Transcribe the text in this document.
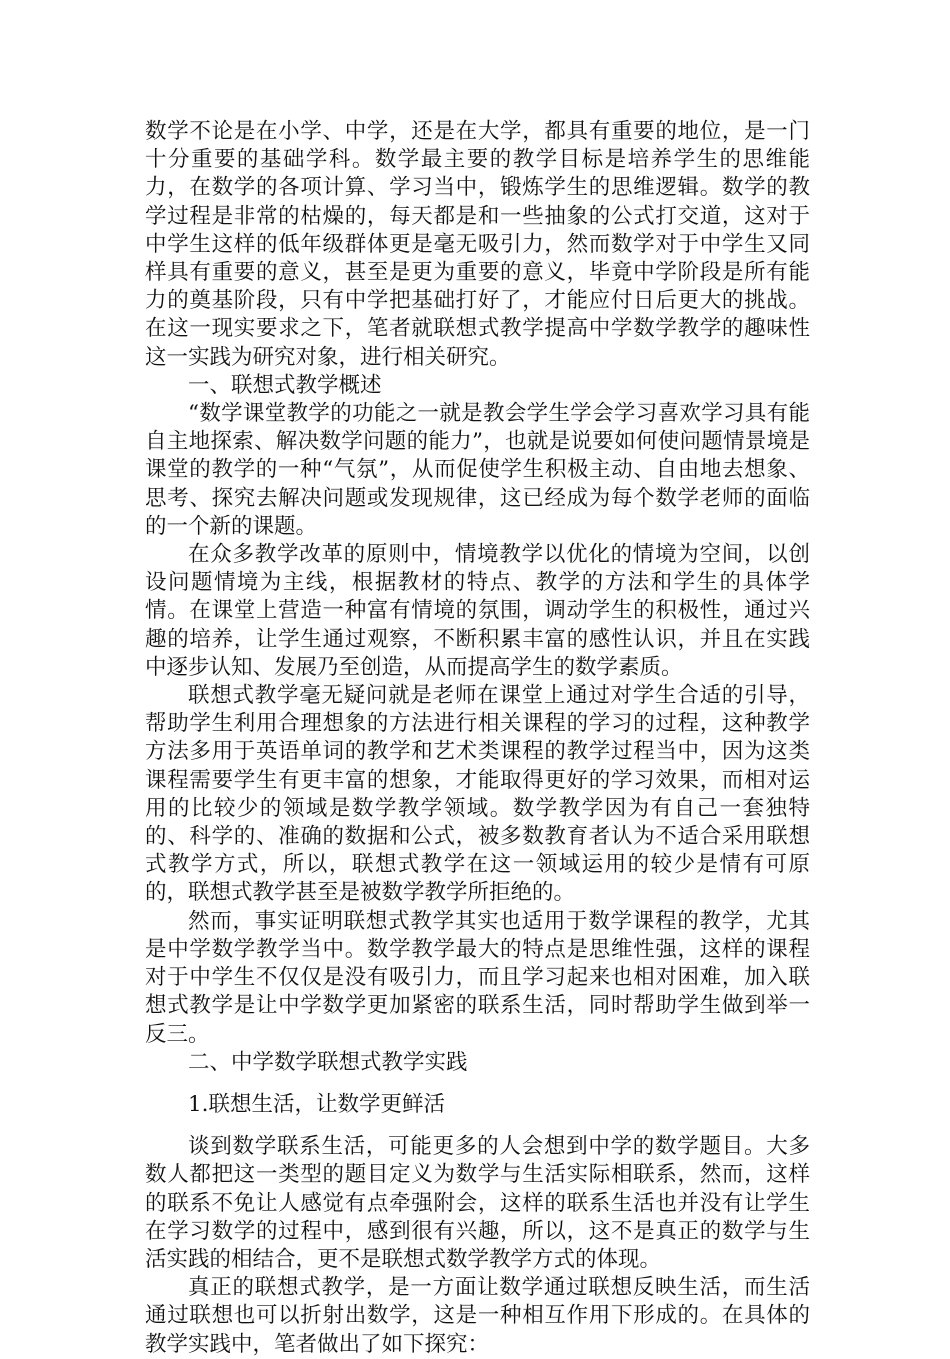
数学不论是在小学、中学，还是在大学，都具有重要的地位，是一门十分重要的基础学科。数学最主要的教学目标是培养学生的思维能力，在数学的各项计算、学习当中，锻炼学生的思维逻辑。数学的教学过程是非常的枯燥的，每天都是和一些抽象的公式打交道，这对于中学生这样的低年级群体更是毫无吸引力，然而数学对于中学生又同样具有重要的意义，甚至是更为重要的意义，毕竟中学阶段是所有能力的奠基阶段，只有中学把基础打好了，才能应付日后更大的挑战。在这一现实要求之下，笔者就联想式教学提高中学数学教学的趣味性这一实践为研究对象，进行相关研究。

一、联想式教学概述

“数学课堂教学的功能之一就是教会学生学会学习喜欢学习具有能自主地探索、解决数学问题的能力”，也就是说要如何使问题情景境是课堂的教学的一种“气氛”，从而促使学生积极主动、自由地去想象、思考、探究去解决问题或发现规律，这已经成为每个数学老师的面临的一个新的课题。

在众多教学改革的原则中，情境教学以优化的情境为空间，以创设问题情境为主线，根据教材的特点、教学的方法和学生的具体学情。在课堂上营造一种富有情境的氛围，调动学生的积极性，通过兴趣的培养，让学生通过观察，不断积累丰富的感性认识，并且在实践中逐步认知、发展乃至创造，从而提高学生的数学素质。

联想式教学毫无疑问就是老师在课堂上通过对学生合适的引导，帮助学生利用合理想象的方法进行相关课程的学习的过程，这种教学方法多用于英语单词的教学和艺术类课程的教学过程当中，因为这类课程需要学生有更丰富的想象，才能取得更好的学习效果，而相对运用的比较少的领域是数学教学领域。数学教学因为有自己一套独特的、科学的、准确的数据和公式，被多数教育者认为不适合采用联想式教学方式，所以，联想式教学在这一领域运用的较少是情有可原的，联想式教学甚至是被数学教学所拒绝的。

然而，事实证明联想式教学其实也适用于数学课程的教学，尤其是中学数学教学当中。数学教学最大的特点是思维性强，这样的课程对于中学生不仅仅是没有吸引力，而且学习起来也相对困难，加入联想式教学是让中学数学更加紧密的联系生活，同时帮助学生做到举一反三。

二、中学数学联想式教学实践

1.联想生活，让数学更鲜活

谈到数学联系生活，可能更多的人会想到中学的数学题目。大多数人都把这一类型的题目定义为数学与生活实际相联系，然而，这样的联系不免让人感觉有点牵强附会，这样的联系生活也并没有让学生在学习数学的过程中，感到很有兴趣，所以，这不是真正的数学与生活实践的相结合，更不是联想式数学教学方式的体现。

真正的联想式教学，是一方面让数学通过联想反映生活，而生活通过联想也可以折射出数学，这是一种相互作用下形成的。在具体的教学实践中，笔者做出了如下探究：
